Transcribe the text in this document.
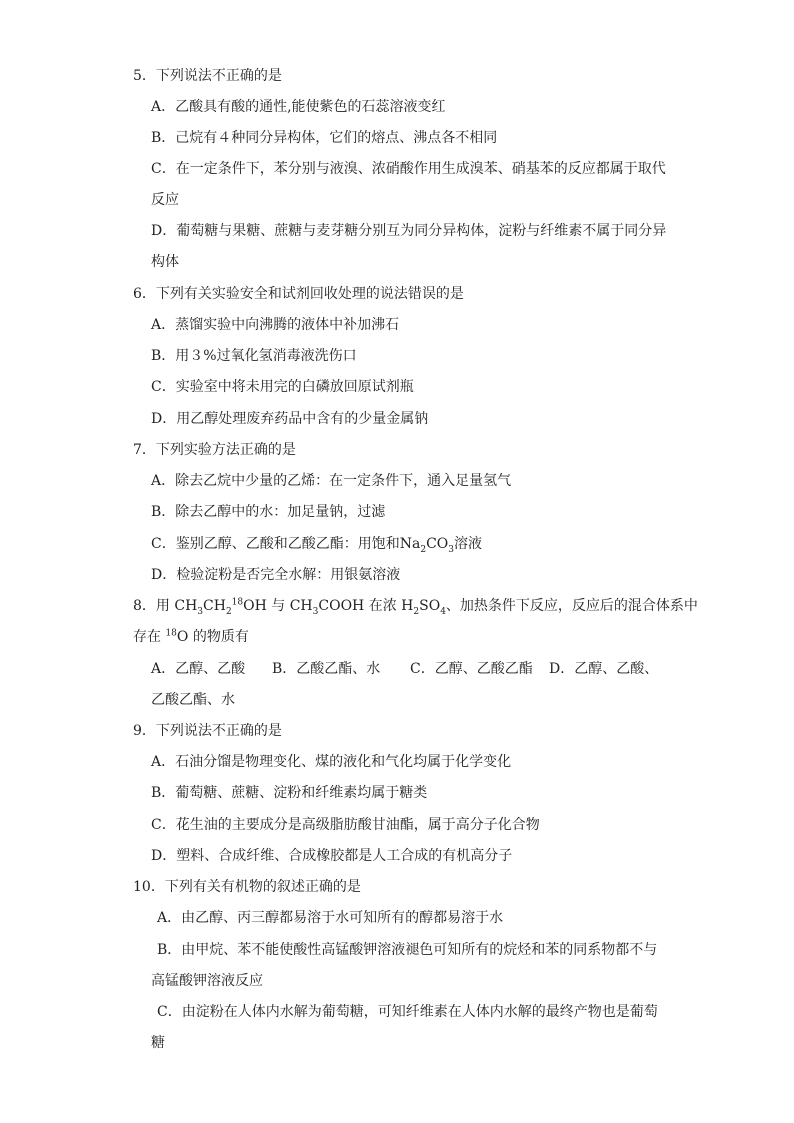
5．下列说法不正确的是
A．乙酸具有酸的通性,能使紫色的石蕊溶液变红
B．己烷有４种同分异构体，它们的熔点、沸点各不相同
C．在一定条件下，苯分别与液溴、浓硝酸作用生成溴苯、硝基苯的反应都属于取代
反应
D．葡萄糖与果糖、蔗糖与麦芽糖分别互为同分异构体，淀粉与纤维素不属于同分异
构体
6．下列有关实验安全和试剂回收处理的说法错误的是
A．蒸馏实验中向沸腾的液体中补加沸石
B．用３%过氧化氢消毒液洗伤口
C．实验室中将未用完的白磷放回原试剂瓶
D．用乙醇处理废弃药品中含有的少量金属钠
7．下列实验方法正确的是
A．除去乙烷中少量的乙烯：在一定条件下，通入足量氢气
B．除去乙醇中的水：加足量钠，过滤
C．鉴别乙醇、乙酸和乙酸乙酯：用饱和$Na_2CO_3$溶液
D．检验淀粉是否完全水解：用银氨溶液
8．用 $CH_3CH_2^{18}OH$ 与 $CH_3COOH$ 在浓 $H_2SO_4$、加热条件下反应，反应后的混合体系中
存在 $^{18}$O 的物质有
A．乙醇、乙酸 B．乙酸乙酯、水 C．乙醇、乙酸乙酯 D．乙醇、乙酸、
乙酸乙酯、水
9．下列说法不正确的是
A．石油分馏是物理变化、煤的液化和气化均属于化学变化
B．葡萄糖、蔗糖、淀粉和纤维素均属于糖类
C．花生油的主要成分是高级脂肪酸甘油酯，属于高分子化合物
D．塑料、合成纤维、合成橡胶都是人工合成的有机高分子
10．下列有关有机物的叙述正确的是
A．由乙醇、丙三醇都易溶于水可知所有的醇都易溶于水
B．由甲烷、苯不能使酸性高锰酸钾溶液褪色可知所有的烷烃和苯的同系物都不与
高锰酸钾溶液反应
C．由淀粉在人体内水解为葡萄糖，可知纤维素在人体内水解的最终产物也是葡萄
糖
